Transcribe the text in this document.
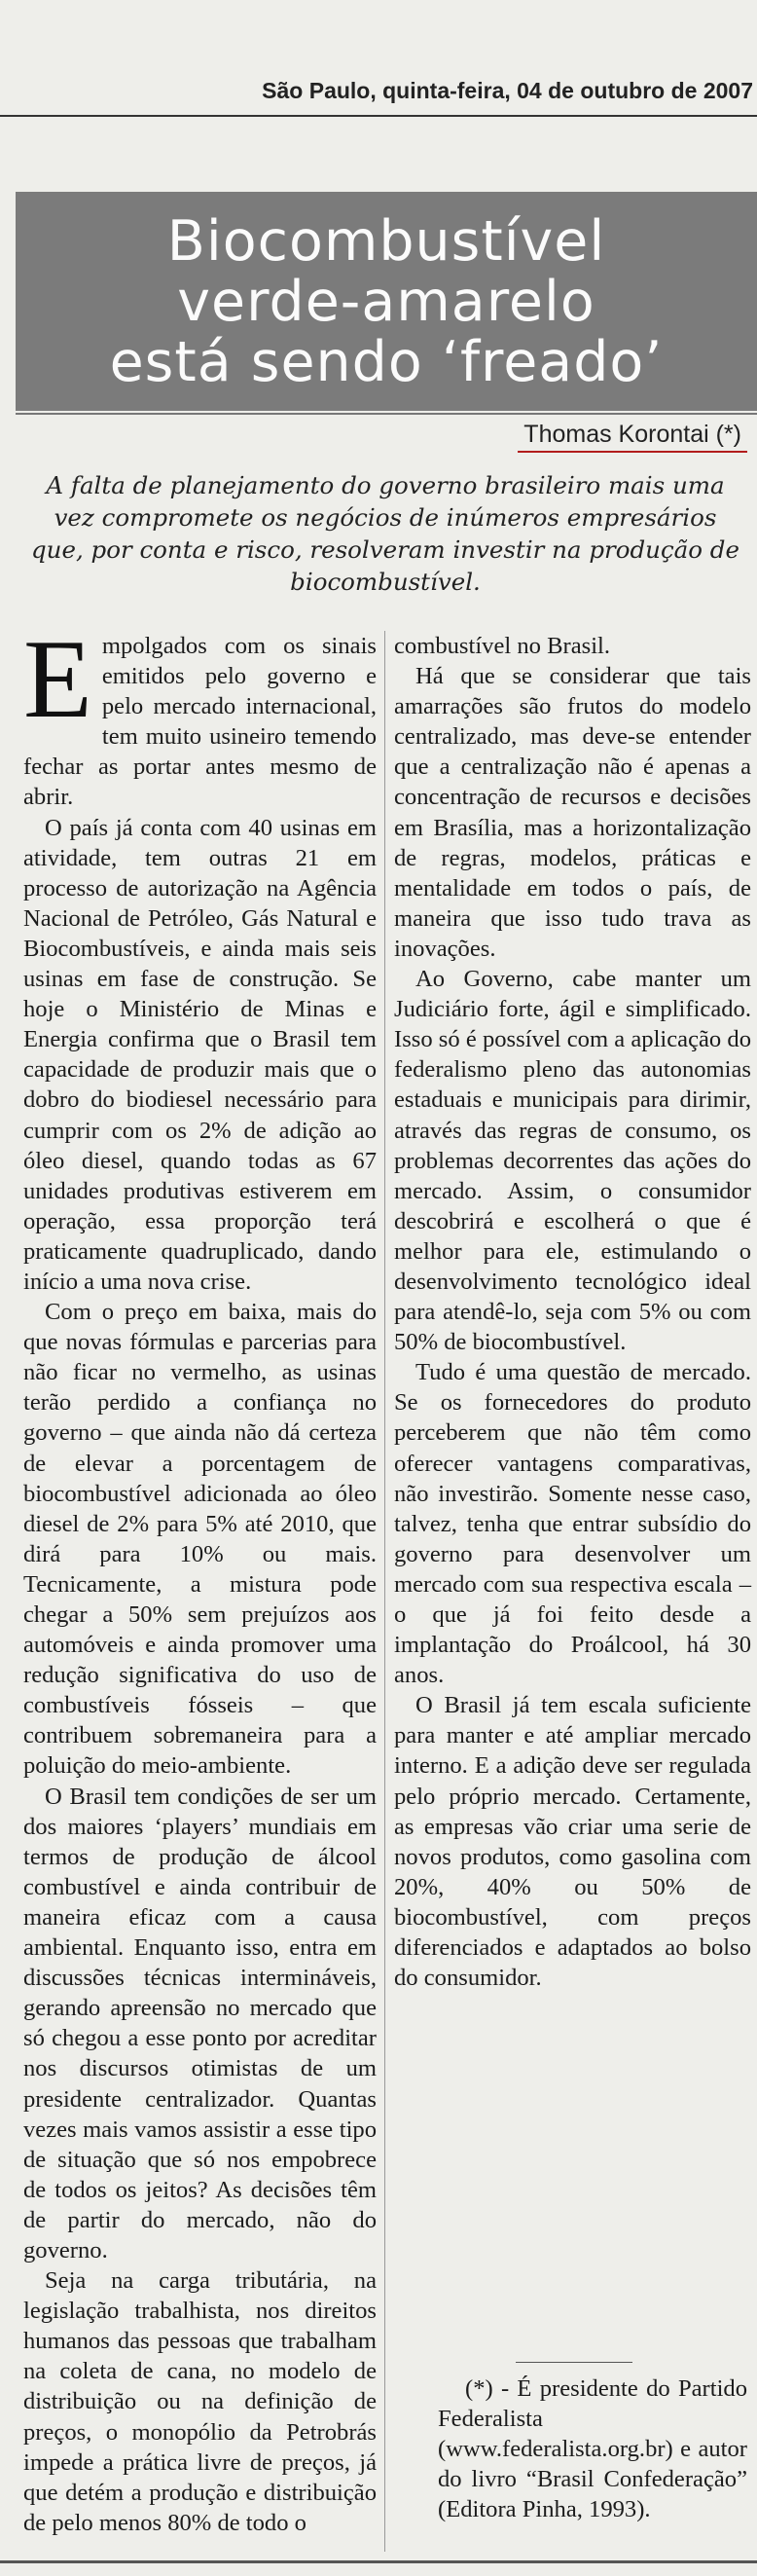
São Paulo, quinta-feira, 04 de outubro de 2007
Biocombustível
verde-amarelo
está sendo ‘freado’
Thomas Korontai (*)
A falta de planejamento do governo brasileiro mais uma vez compromete os negócios de inúmeros empresários que, por conta e risco, resolveram investir na produção de biocombustível.

Empolgados com os sinais emitidos pelo governo e pelo mercado internacional, tem muito usineiro temendo fechar as portar antes mesmo de abrir.

O país já conta com 40 usinas em atividade, tem outras 21 em processo de autorização na Agência Nacional de Petróleo, Gás Natural e Biocombustíveis, e ainda mais seis usinas em fase de construção. Se hoje o Ministério de Minas e Energia confirma que o Brasil tem capacidade de produzir mais que o dobro do biodiesel necessário para cumprir com os 2% de adição ao óleo diesel, quando todas as 67 unidades produtivas estiverem em operação, essa proporção terá praticamente quadruplicado, dando início a uma nova crise.

Com o preço em baixa, mais do que novas fórmulas e parcerias para não ficar no vermelho, as usinas terão perdido a confiança no governo – que ainda não dá certeza de elevar a porcentagem de biocombustível adicionada ao óleo diesel de 2% para 5% até 2010, que dirá para 10% ou mais. Tecnicamente, a mistura pode chegar a 50% sem prejuízos aos automóveis e ainda promover uma redução significativa do uso de combustíveis fósseis – que contribuem sobremaneira para a poluição do meio-ambiente.

O Brasil tem condições de ser um dos maiores ‘players’ mundiais em termos de produção de álcool combustível e ainda contribuir de maneira eficaz com a causa ambiental. Enquanto isso, entra em discussões técnicas intermináveis, gerando apreensão no mercado que só chegou a esse ponto por acreditar nos discursos otimistas de um presidente centralizador. Quantas vezes mais vamos assistir a esse tipo de situação que só nos empobrece de todos os jeitos? As decisões têm de partir do mercado, não do governo.

Seja na carga tributária, na legislação trabalhista, nos direitos humanos das pessoas que trabalham na coleta de cana, no modelo de distribuição ou na definição de preços, o monopólio da Petrobrás impede a prática livre de preços, já que detém a produção e distribuição de pelo menos 80% de todo o

combustível no Brasil.

Há que se considerar que tais amarrações são frutos do modelo centralizado, mas deve-se entender que a centralização não é apenas a concentração de recursos e decisões em Brasília, mas a horizontalização de regras, modelos, práticas e mentalidade em todos o país, de maneira que isso tudo trava as inovações.

Ao Governo, cabe manter um Judiciário forte, ágil e simplificado. Isso só é possível com a aplicação do federalismo pleno das autonomias estaduais e municipais para dirimir, através das regras de consumo, os problemas decorrentes das ações do mercado. Assim, o consumidor descobrirá e escolherá o que é melhor para ele, estimulando o desenvolvimento tecnológico ideal para atendê-lo, seja com 5% ou com 50% de biocombustível.

Tudo é uma questão de mercado. Se os fornecedores do produto perceberem que não têm como oferecer vantagens comparativas, não investirão. Somente nesse caso, talvez, tenha que entrar subsídio do governo para desenvolver um mercado com sua respectiva escala – o que já foi feito desde a implantação do Proálcool, há 30 anos.

O Brasil já tem escala suficiente para manter e até ampliar mercado interno. E a adição deve ser regulada pelo próprio mercado. Certamente, as empresas vão criar uma serie de novos produtos, como gasolina com 20%, 40% ou 50% de biocombustível, com preços diferenciados e adaptados ao bolso do consumidor.

(*) - É presidente do Partido Federalista (www.federalista.org.br) e autor do livro “Brasil Confederação” (Editora Pinha, 1993).
